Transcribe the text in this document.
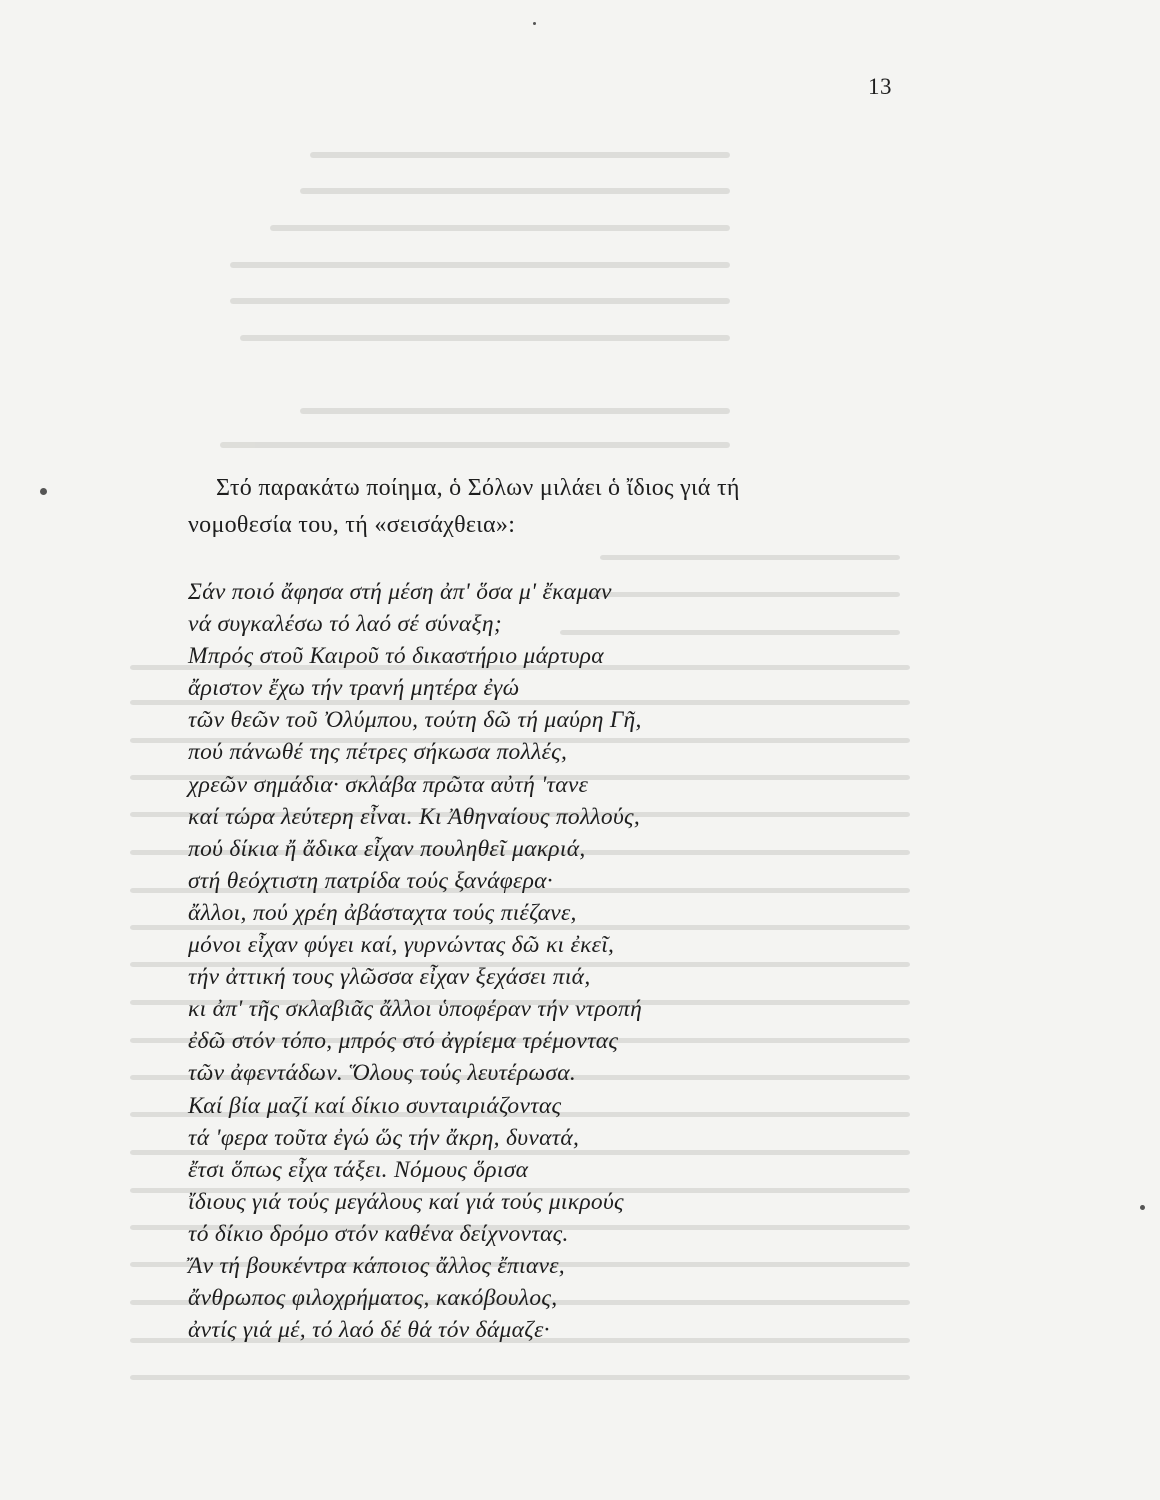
13
Στό παρακάτω ποίημα, ὁ Σόλων μιλάει ὁ ἴδιος γιά τή
νομοθεσία του, τή «σεισάχθεια»:
Σάν ποιό ἄφησα στή μέση ἀπ' ὅσα μ' ἔκαμαν
νά συγκαλέσω τό λαό σέ σύναξη;
Μπρός στοῦ Καιροῦ τό δικαστήριο μάρτυρα
ἄριστον ἔχω τήν τρανή μητέρα ἐγώ
τῶν θεῶν τοῦ Ὀλύμπου, τούτη δῶ τή μαύρη Γῆ,
πού πάνωθέ της πέτρες σήκωσα πολλές,
χρεῶν σημάδια· σκλάβα πρῶτα αὐτή 'τανε
καί τώρα λεύτερη εἶναι. Κι Ἀθηναίους πολλούς,
πού δίκια ἤ ἄδικα εἶχαν πουληθεῖ μακριά,
στή θεόχτιστη πατρίδα τούς ξανάφερα·
ἄλλοι, πού χρέη ἀβάσταχτα τούς πιέζανε,
μόνοι εἶχαν φύγει καί, γυρνώντας δῶ κι ἐκεῖ,
τήν ἀττική τους γλῶσσα εἶχαν ξεχάσει πιά,
κι ἀπ' τῆς σκλαβιᾶς ἄλλοι ὑποφέραν τήν ντροπή
ἐδῶ στόν τόπο, μπρός στό ἀγρίεμα τρέμοντας
τῶν ἀφεντάδων. Ὅλους τούς λευτέρωσα.
Καί βία μαζί καί δίκιο συνταιριάζοντας
τά 'φερα τοῦτα ἐγώ ὥς τήν ἄκρη, δυνατά,
ἔτσι ὅπως εἶχα τάξει. Νόμους ὅρισα
ἴδιους γιά τούς μεγάλους καί γιά τούς μικρούς
τό δίκιο δρόμο στόν καθένα δείχνοντας.
Ἄν τή βουκέντρα κάποιος ἄλλος ἔπιανε,
ἄνθρωπος φιλοχρήματος, κακόβουλος,
ἀντίς γιά μέ, τό λαό δέ θά τόν δάμαζε·
